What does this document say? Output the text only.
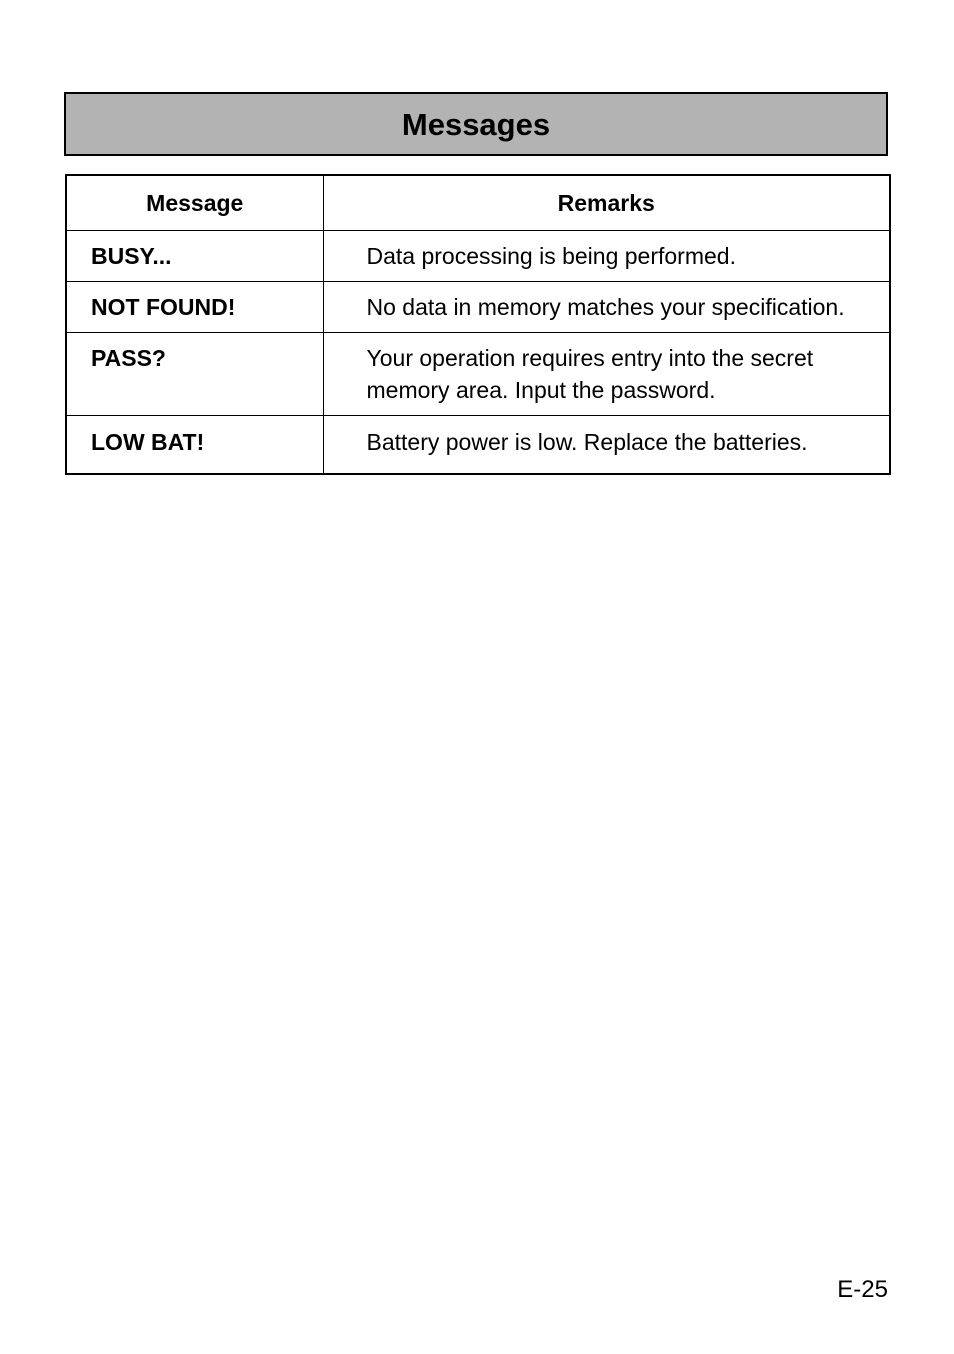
Messages
Message	Remarks
BUSY...	Data processing is being performed.
NOT FOUND!	No data in memory matches your specification.
PASS?	Your operation requires entry into the secret memory area. Input the password.
LOW BAT!	Battery power is low. Replace the batteries.
E-25
